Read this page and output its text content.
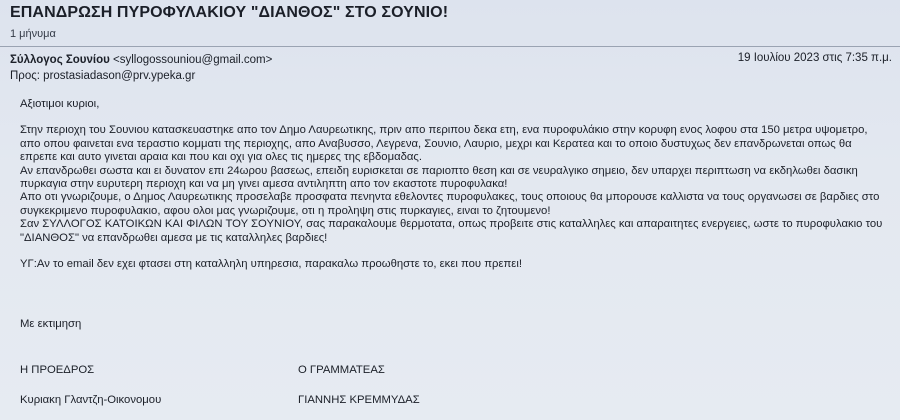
ΕΠΑΝΔΡΩΣΗ ΠΥΡΟΦΥΛΑΚΙΟΥ "ΔΙΑΝΘΟΣ" ΣΤΟ ΣΟΥΝΙΟ!
1 μήνυμα
Σύλλογος Σουνίου <syllogossouniou@gmail.com>	19 Ιουλίου 2023 στις 7:35 π.μ.
Προς: prostasiadason@prv.ypeka.gr

Αξιοτιμοι κυριοι,

Στην περιοχη του Σουνιου κατασκευαστηκε απο τον Δημο Λαυρεωτικης, πριν απο περιπου δεκα ετη, ενα πυροφυλάκιο στην κορυφη ενος λοφου στα 150 μετρα υψομετρο, απο οπου φαινεται ενα τεραστιο κομματι της περιοχης, απο Αναβυσσο, Λεγρενα, Σουνιο, Λαυριο, μεχρι και Κερατεα και το οποιο δυστυχως δεν επανδρωνεται οπως θα επρεπε και αυτο γινεται αραια και που και οχι για ολες τις ημερες της εβδομαδας.

Αν επανδρωθει σωστα και ει δυνατον επι 24ωρου βασεως, επειδη ευρισκεται σε παριοπτο θεση και σε νευραλγικο σημειο, δεν υπαρχει περιπτωση να εκδηλωθει δασικη πυρκαγια στην ευρυτερη περιοχη και να μη γινει αμεσα αντιληπτη απο τον εκαστοτε πυροφυλακα!

Απο οτι γνωριζουμε, ο Δημος Λαυρεωτικης προσελαβε προσφατα πενηντα εθελοντες πυροφυλακες, τους οποιους θα μπορουσε καλλιστα να τους οργανωσει σε βαρδιες στο συγκεκριμενο πυροφυλακιο, αφου ολοι μας γνωριζουμε, οτι η προληψη στις πυρκαγιες, ειναι το ζητουμενο!

Σαν ΣΥΛΛΟΓΟΣ ΚΑΤΟΙΚΩΝ ΚΑΙ ΦΙΛΩΝ ΤΟΥ ΣΟΥΝΙΟΥ, σας παρακαλουμε θερμοτατα, οπως προβειτε στις καταλληλες και απαραιτητες ενεργειες, ωστε το πυροφυλακιο του "ΔΙΑΝΘΟΣ" να επανδρωθει αμεσα με τις καταλληλες βαρδιες!

ΥΓ:Αν το email δεν εχει φτασει στη καταλληλη υπηρεσια, παρακαλω προωθηστε το, εκει που πρεπει!

Με εκτιμηση
Η ΠΡΟΕΔΡΟΣ	Ο ΓΡΑΜΜΑΤΕΑΣ
Κυριακη Γλαντζη-Οικονομου	ΓΙΑΝΝΗΣ ΚΡΕΜΜΥΔΑΣ
